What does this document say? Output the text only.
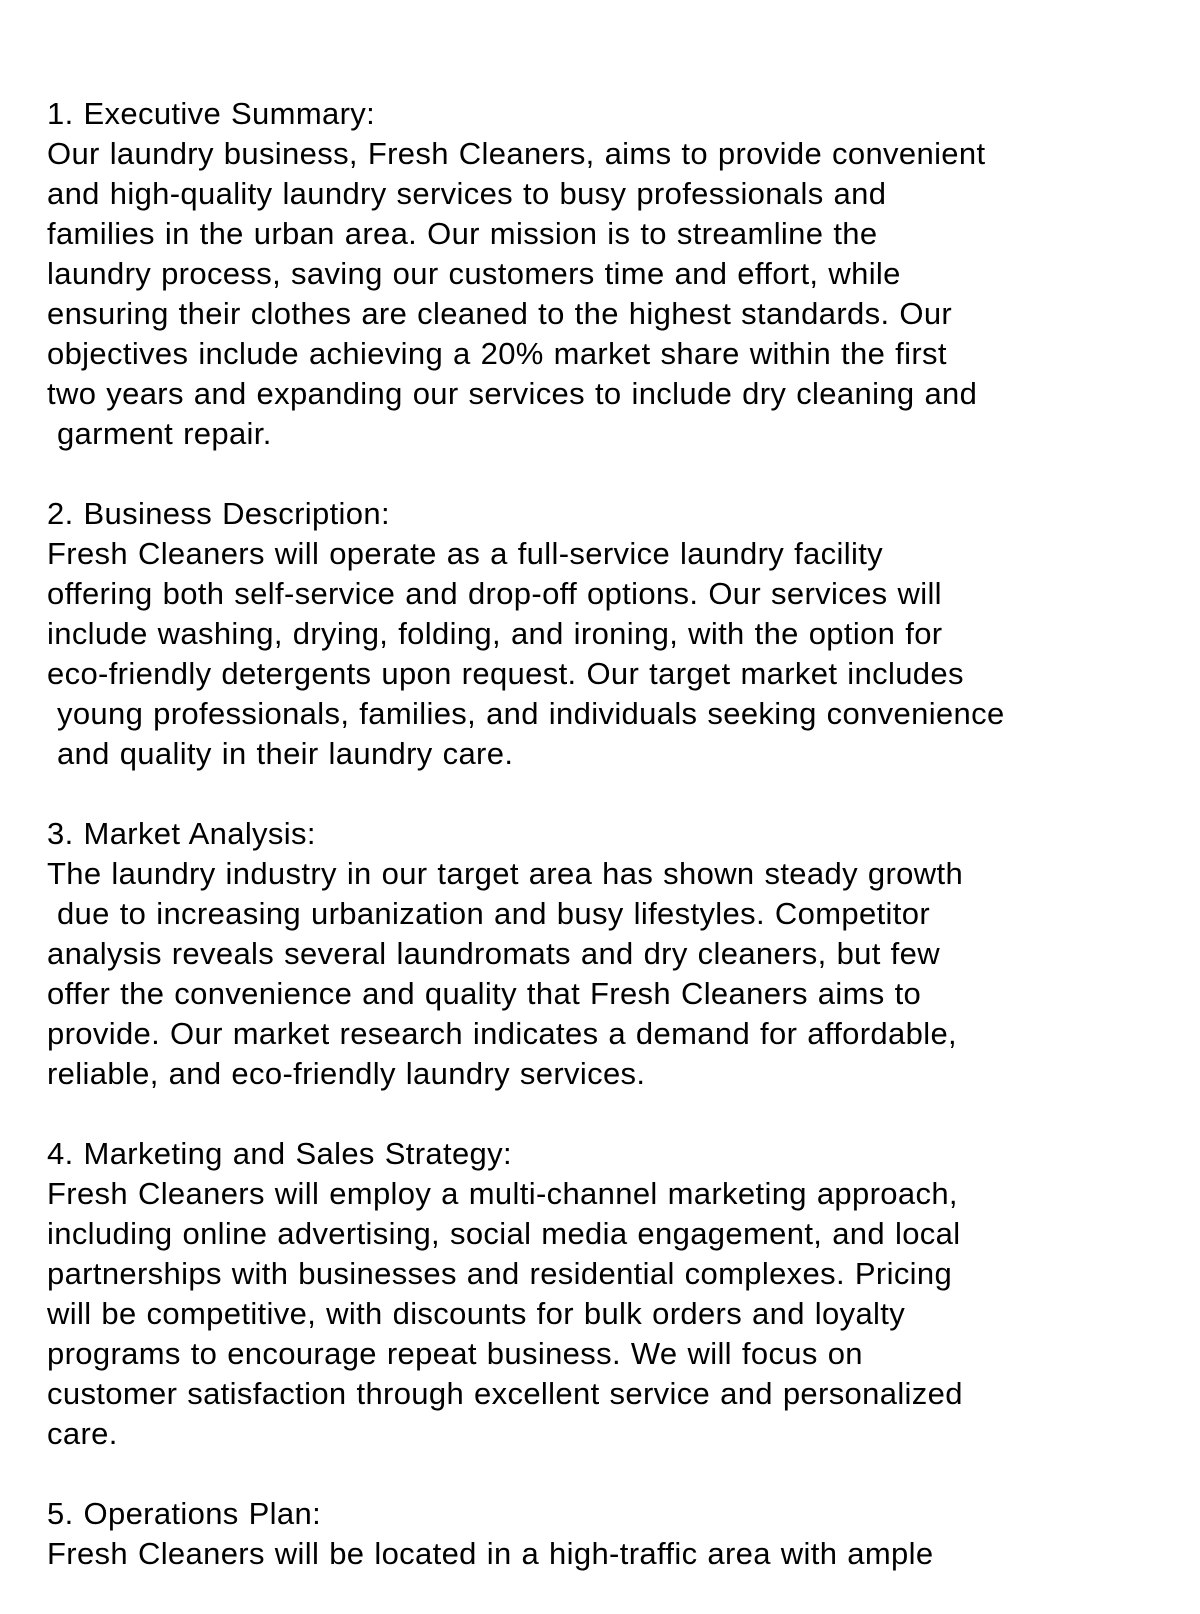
1. Executive Summary:
Our laundry business, Fresh Cleaners, aims to provide convenient
and high-quality laundry services to busy professionals and
families in the urban area. Our mission is to streamline the
laundry process, saving our customers time and effort, while
ensuring their clothes are cleaned to the highest standards. Our
objectives include achieving a 20% market share within the first
two years and expanding our services to include dry cleaning and
garment repair.
2. Business Description:
Fresh Cleaners will operate as a full-service laundry facility
offering both self-service and drop-off options. Our services will
include washing, drying, folding, and ironing, with the option for
eco-friendly detergents upon request. Our target market includes
young professionals, families, and individuals seeking convenience
and quality in their laundry care.
3. Market Analysis:
The laundry industry in our target area has shown steady growth
due to increasing urbanization and busy lifestyles. Competitor
analysis reveals several laundromats and dry cleaners, but few
offer the convenience and quality that Fresh Cleaners aims to
provide. Our market research indicates a demand for affordable,
reliable, and eco-friendly laundry services.
4. Marketing and Sales Strategy:
Fresh Cleaners will employ a multi-channel marketing approach,
including online advertising, social media engagement, and local
partnerships with businesses and residential complexes. Pricing
will be competitive, with discounts for bulk orders and loyalty
programs to encourage repeat business. We will focus on
customer satisfaction through excellent service and personalized
care.
5. Operations Plan:
Fresh Cleaners will be located in a high-traffic area with ample
